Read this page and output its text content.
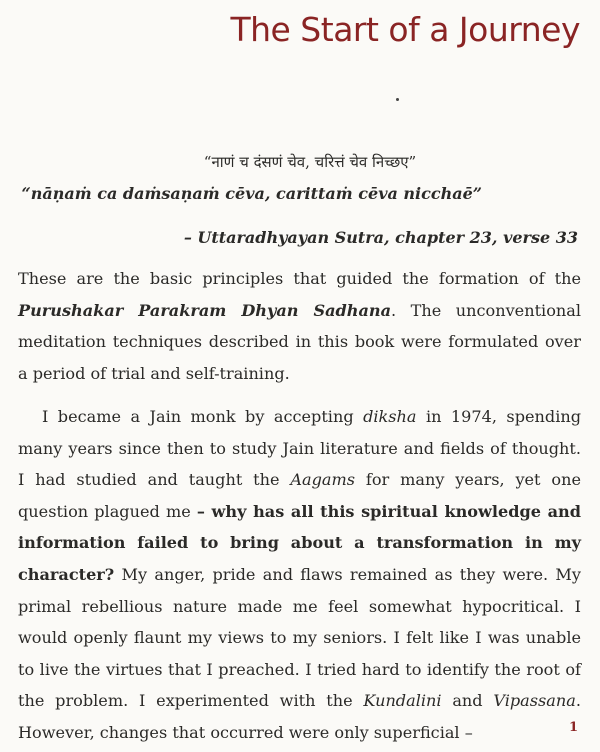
The Start of a Journey
“नाणं च दंसणं चेव, चरित्तं चेव निच्छए”
“nāṇaṁ ca daṁsaṇaṁ cēva, carittaṁ cēva nicchaē”
– Uttaradhyayan Sutra, chapter 23, verse 33

These are the basic principles that guided the formation of the Purushakar Parakram Dhyan Sadhana. The unconventional meditation techniques described in this book were formulated over a period of trial and self-training.

I became a Jain monk by accepting diksha in 1974, spending many years since then to study Jain literature and fields of thought. I had studied and taught the Aagams for many years, yet one question plagued me – why has all this spiritual knowledge and information failed to bring about a transformation in my character? My anger, pride and flaws remained as they were. My primal rebellious nature made me feel somewhat hypocritical. I would openly flaunt my views to my seniors. I felt like I was unable to live the virtues that I preached. I tried hard to identify the root of the problem. I experimented with the Kundalini and Vipassana. However, changes that occurred were only superficial –	1
